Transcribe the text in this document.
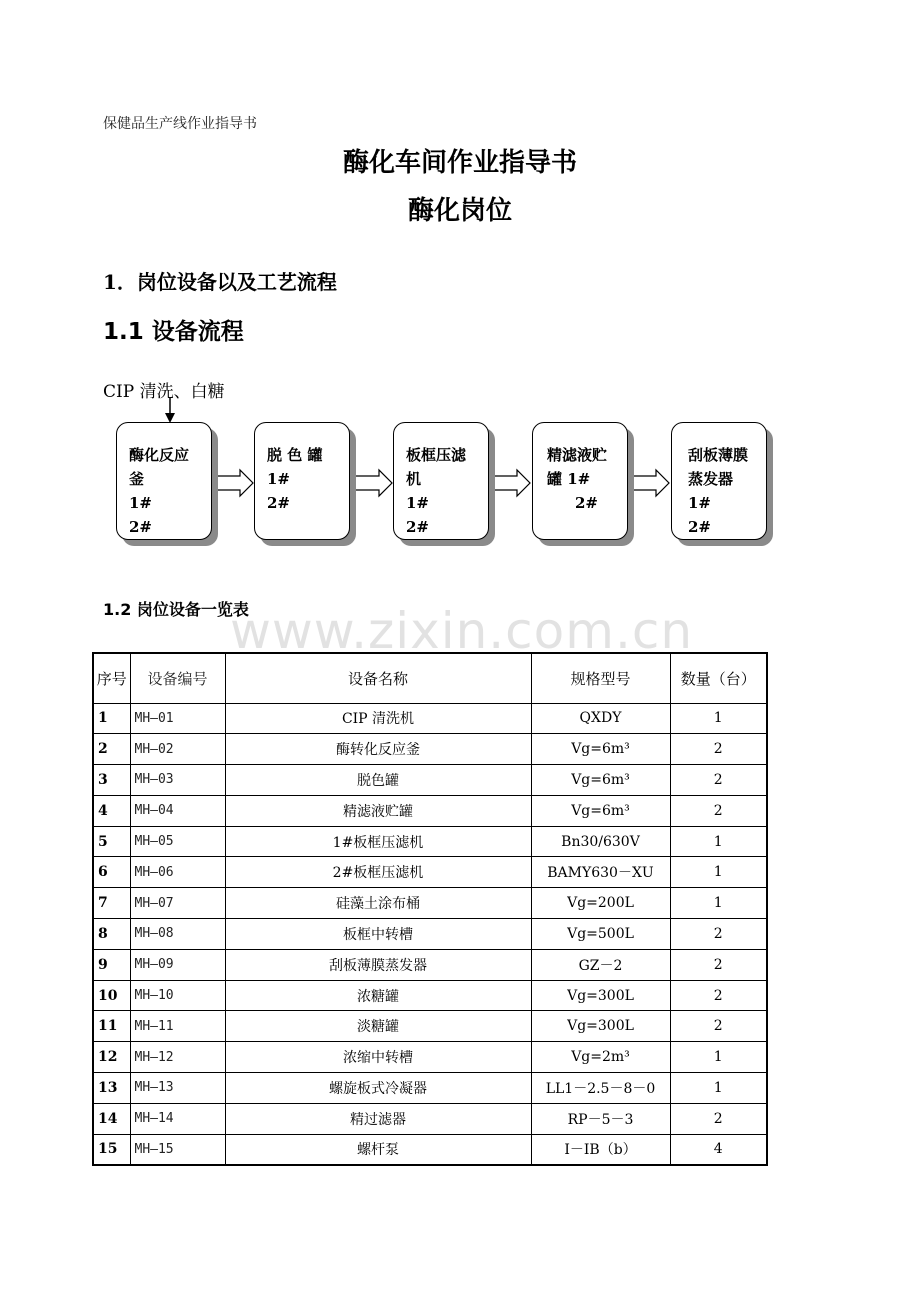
保健品生产线作业指导书
酶化车间作业指导书
酶化岗位
1．岗位设备以及工艺流程
1.1 设备流程
CIP 清洗、白糖
酶化反应釜
1#2#
脱 色 罐

1#2#
板框压滤机
1#2#
精滤液贮罐 1#
2#
刮板薄膜蒸发器
1#2#
1.2 岗位设备一览表
www.zixin.com.cn
序号	设备编号	设备名称	规格型号	数量（台）
1	MH—01	CIP 清洗机	QXDY	1
2	MH—02	酶转化反应釜	Vg=6m³	2
3	MH—03	脱色罐	Vg=6m³	2
4	MH—04	精滤液贮罐	Vg=6m³	2
5	MH—05	1#板框压滤机	Bn30/630V	1
6	MH—06	2#板框压滤机	BAMY630－XU	1
7	MH—07	硅藻土涂布桶	Vg=200L	1
8	MH—08	板框中转槽	Vg=500L	2
9	MH—09	刮板薄膜蒸发器	GZ－2	2
10	MH—10	浓糖罐	Vg=300L	2
11	MH—11	淡糖罐	Vg=300L	2
12	MH—12	浓缩中转槽	Vg=2m³	1
13	MH—13	螺旋板式冷凝器	LL1－2.5－8－0	1
14	MH—14	精过滤器	RP－5－3	2
15	MH—15	螺杆泵	I－IB（b）	4
